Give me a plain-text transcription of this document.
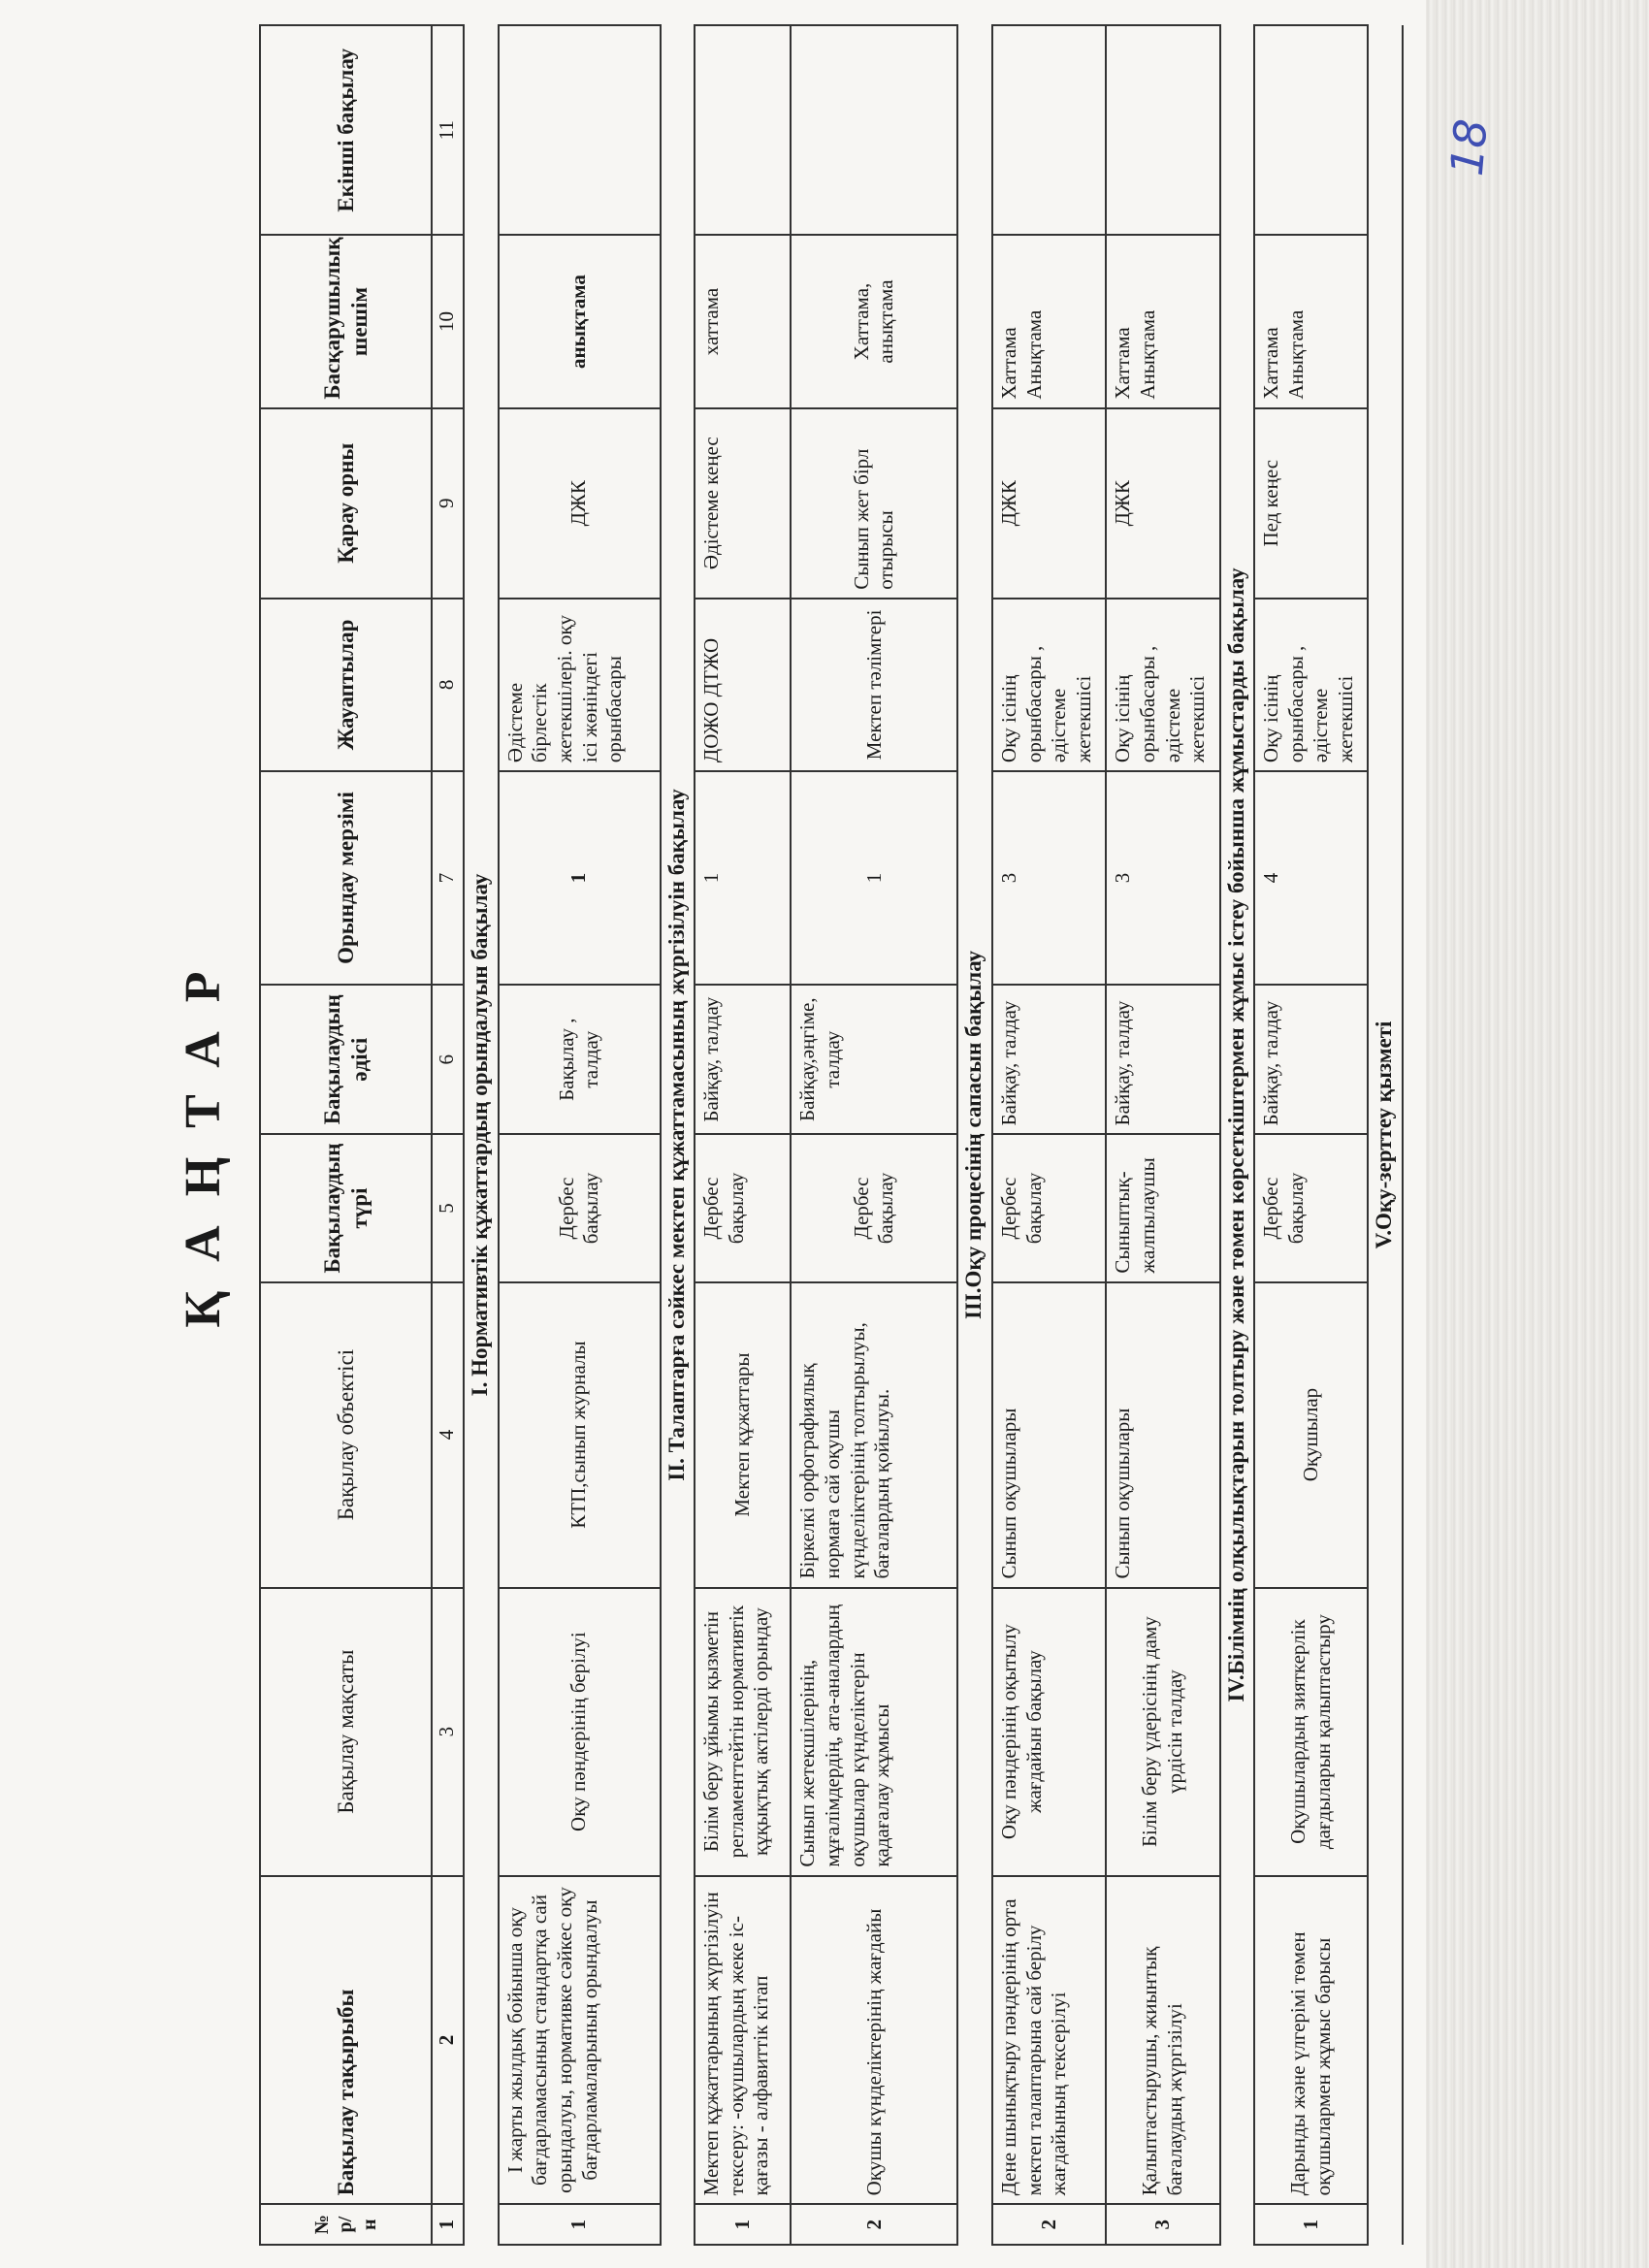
18
ҚАҢТАР
№ р/н	Бақылау тақырыбы	Бақылау мақсаты	Бақылау объектісі	Бақылаудың түрі	Бақылаудың әдісі	Орындау мерзімі	Жауаптылар	Қарау орны	Басқарушылық шешім	Екінші бақылау
1	2	3	4	5	6	7	8	9	10	11
І. Нормативтік құжаттардың орындалуын бақылау										
1	І жарты жылдық бойынша оқу бағдарламасының стандартқа сай орындалуы, нормативке сәйкес оқу бағдарламаларының орындалуы	Оқу пәндерінің берілуі	КТП,сынып журналы	Дербес бақылау	Бақылау , талдау	1	Әдістеме бірлестік жетекшілері. оқу ісі жөніндегі орынбасары	ДЖК	анықтама	
ІІ. Талаптарға сәйкес мектеп құжаттамасының жүргізілуін бақылау										
1	Мектеп құжаттарының жүргізілуін тексеру: -оқушылардың жеке іс- қағазы - алфавиттік кітап	Білім беру ұйымы қызметін регламенттейтін нормативтік құқықтық актілерді орындау	Мектеп құжаттары	Дербес бақылау	Байқау, талдау	1	ДОЖО ДТЖО	Әдістеме кеңес	хаттама	
2	Оқушы күнделіктерінің жағдайы	Сынып жетекшілерінің, мұғалімдердің, ата-аналардың оқушылар күнделіктерін қадағалау жұмысы	Біркелкі орфографиялық нормаға сай оқушы күнделіктерінің толтырылуы, бағалардың қойылуы.	Дербес бақылау	Байқау,әңгіме, талдау	1	Мектеп тәлімгері	Сынып жет бірл отырысы	Хаттама, анықтама	
ІІІ.Оқу процесінің сапасын бақылау										
2	Дене шынықтыру пәндерінің орта мектеп талаптарына сай берілу жағдайының тексерілуі	Оқу пәндерінің оқытылу жағдайын бақылау	Сынып оқушылары	Дербес бақылау	Байқау, талдау	3	Оқу ісінің орынбасары , әдістеме жетекшісі	ДЖК	Хаттама Анықтама	
3	Қалыптастырушы, жиынтық бағалаудың жүргізілуі	Білім беру үдерісінің даму үрдісін талдау	Сынып оқушылары	Сыныптық-жалпылаушы	Байқау, талдау	3	Оқу ісінің орынбасары , әдістеме жетекшісі	ДЖК	Хаттама Анықтама	
ІV.Білімнің олқылықтарын толтыру және төмен көрсеткіштермен жұмыс істеу бойынша жұмыстарды бақылау										
1	Дарынды және үлгерімі төмен оқушылармен жұмыс барысы	Оқушылардың зияткерлік дағдыларын қалыптастыру	Оқушылар	Дербес бақылау	Байқау, талдау	4	Оқу ісінің орынбасары , әдістеме жетекшісі	Пед кеңес	Хаттама Анықтама	
V.Оқу-зерттеу қызметі										
